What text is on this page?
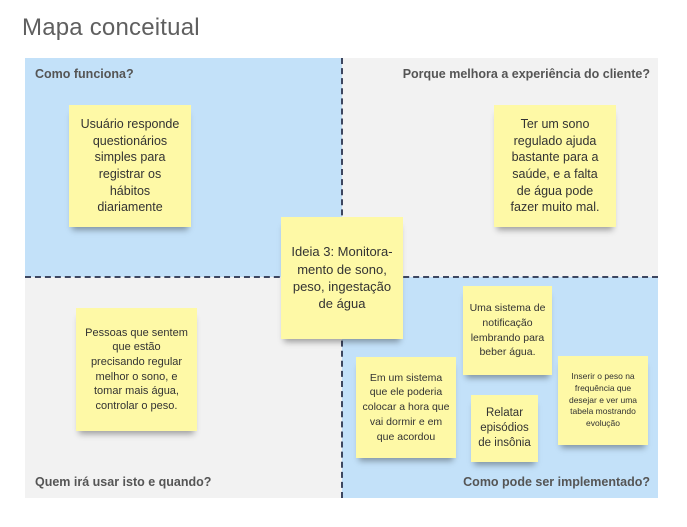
Mapa conceitual
Como funciona?	Porque melhora a experiência do cliente?
Quem irá usar isto e quando?	Como pode ser implementado?
Usuário responde questionários simples para registrar os hábitos diariamente
Ter um sono regulado ajuda bastante para a saúde, e a falta de água pode fazer muito mal.
Pessoas que sentem que estão precisando regular melhor o sono, e tomar mais água, controlar o peso.
Uma sistema de notificação lembrando para beber água.
Em um sistema que ele poderia colocar a hora que vai dormir e em que acordou
Relatar episódios de insônia
Inserir o peso na frequência que desejar e ver uma tabela mostrando evolução
Ideia 3: Monitora-mento de sono, peso, ingestação de água
